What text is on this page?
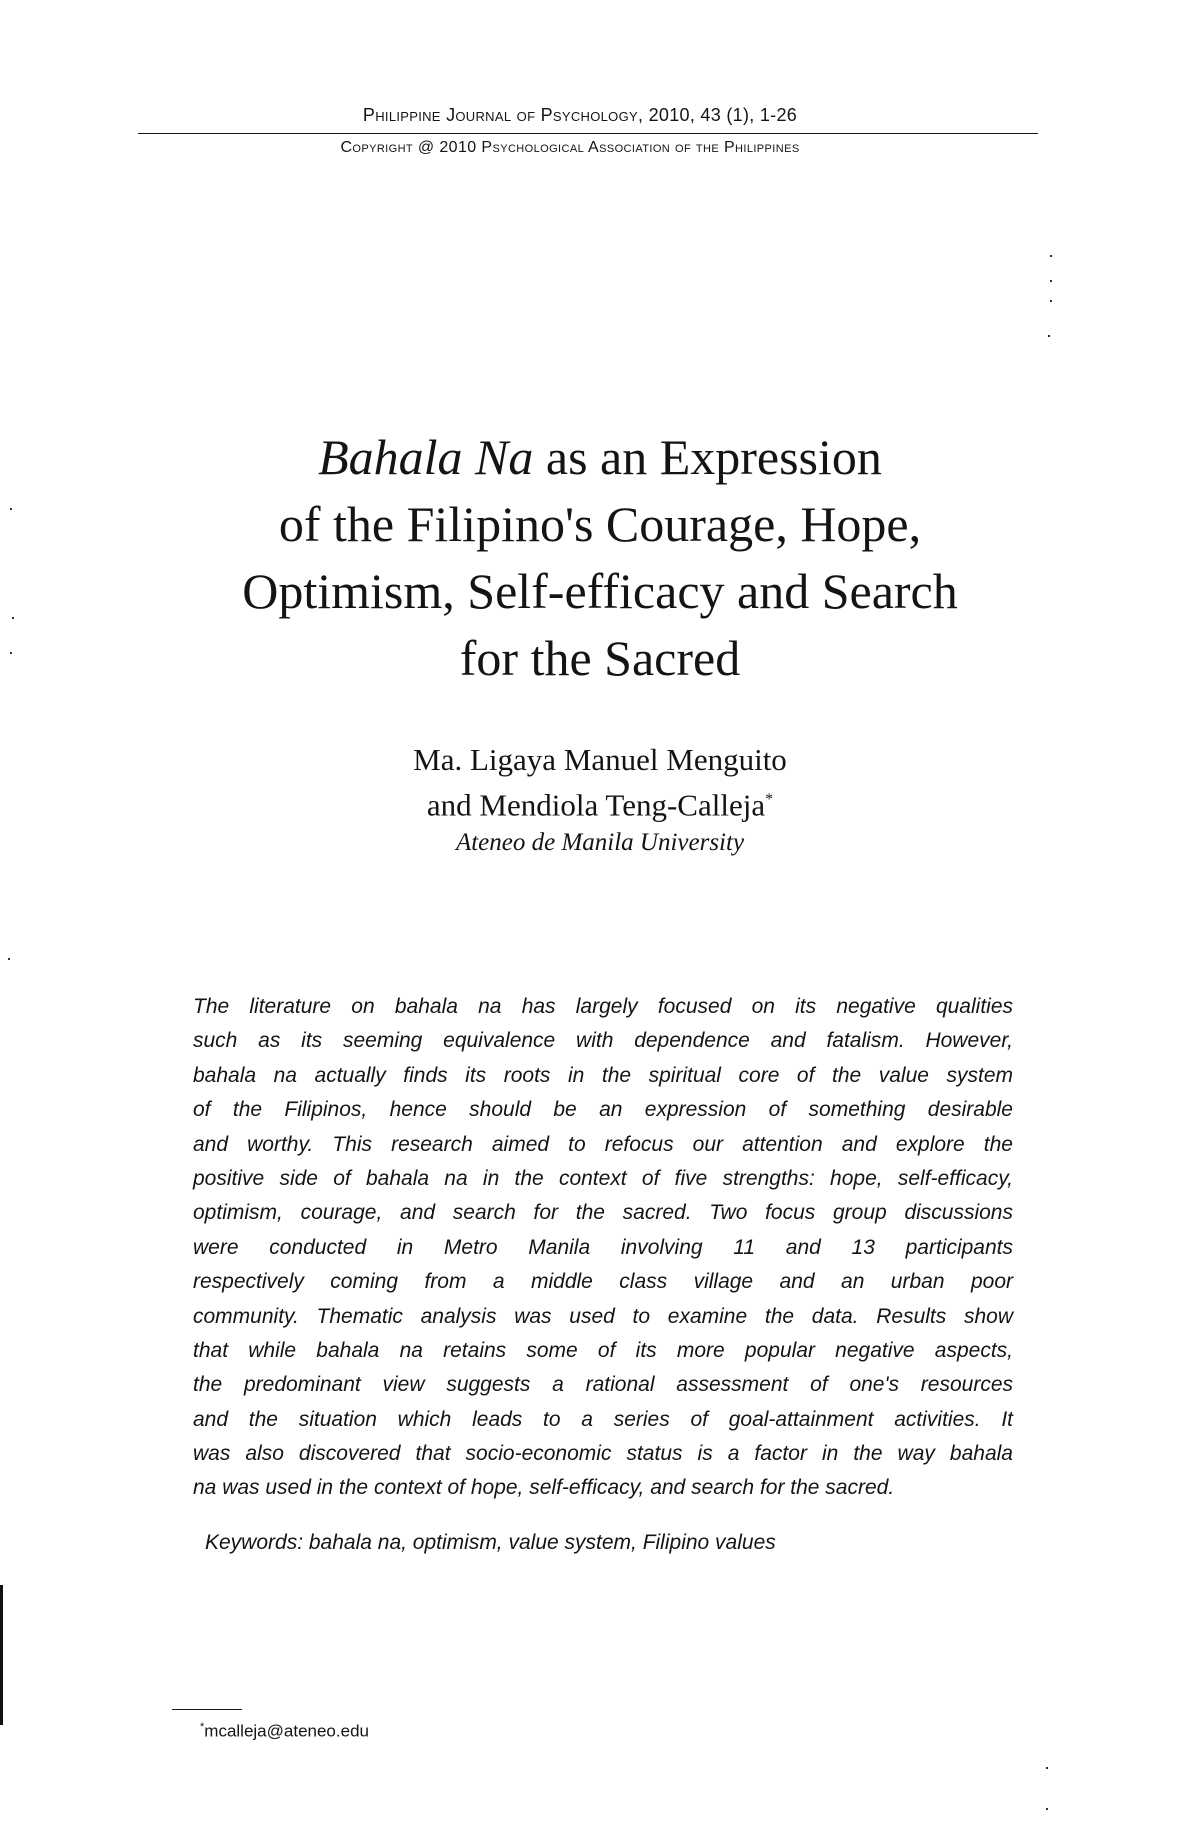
Philippine Journal of Psychology, 2010, 43 (1), 1-26
Copyright @ 2010 Psychological Association of the Philippines
Bahala Na as an Expression
of the Filipino's Courage, Hope,
Optimism, Self-efficacy and Search
for the Sacred
Ma. Ligaya Manuel Menguito
and Mendiola Teng-Calleja*
Ateneo de Manila University
The literature on bahala na has largely focused on its negative qualities
such as its seeming equivalence with dependence and fatalism. However,
bahala na actually finds its roots in the spiritual core of the value system
of the Filipinos, hence should be an expression of something desirable
and worthy. This research aimed to refocus our attention and explore the
positive side of bahala na in the context of five strengths: hope, self-efficacy,
optimism, courage, and search for the sacred. Two focus group discussions
were conducted in Metro Manila involving 11 and 13 participants
respectively coming from a middle class village and an urban poor
community. Thematic analysis was used to examine the data. Results show
that while bahala na retains some of its more popular negative aspects,
the predominant view suggests a rational assessment of one's resources
and the situation which leads to a series of goal-attainment activities. It
was also discovered that socio-economic status is a factor in the way bahala
na was used in the context of hope, self-efficacy, and search for the sacred.
Keywords: bahala na, optimism, value system, Filipino values
*mcalleja@ateneo.edu
